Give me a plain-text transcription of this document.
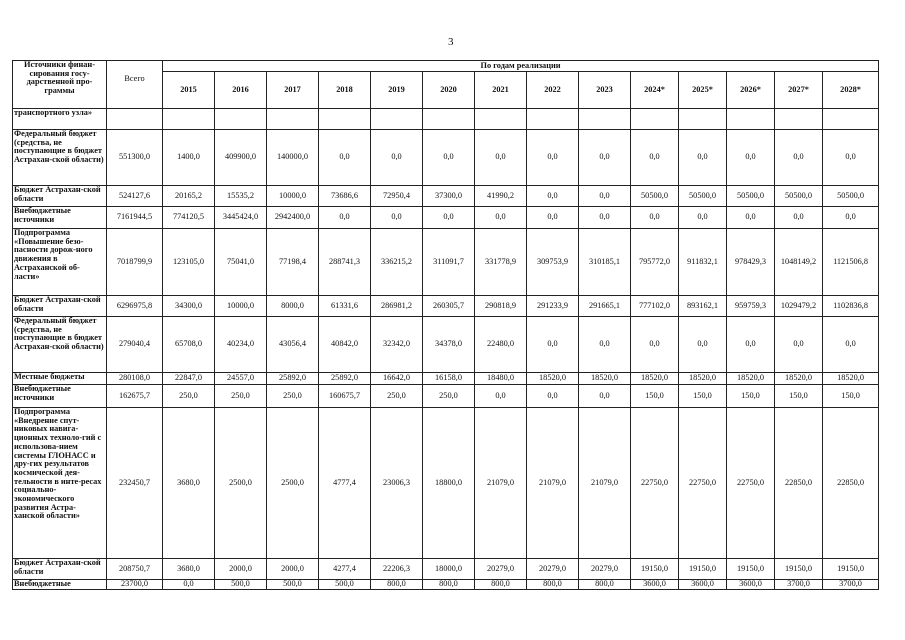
3
Источники финан-сирования госу-дарственной про-граммы	Всего	По годам реализации													
		2015	2016	2017	2018	2019	2020	2021	2022	2023	2024*	2025*	2026*	2027*	2028*
транспортного узла»															
Федеральный бюджет (средства, не поступающие в бюджет Астрахан-ской области)	551300,0	1400,0	409900,0	140000,0	0,0	0,0	0,0	0,0	0,0	0,0	0,0	0,0	0,0	0,0	0,0
Бюджет Астрахан-ской области	524127,6	20165,2	15535,2	10000,0	73686,6	72950,4	37300,0	41990,2	0,0	0,0	50500,0	50500,0	50500,0	50500,0	50500,0
Внебюджетные источники	7161944,5	774120,5	3445424,0	2942400,0	0,0	0,0	0,0	0,0	0,0	0,0	0,0	0,0	0,0	0,0	0,0
Подпрограмма «Повышение безо-пасности дорож-ного движения в Астраханской об-ласти»	7018799,9	123105,0	75041,0	77198,4	288741,3	336215,2	311091,7	331778,9	309753,9	310185,1	795772,0	911832,1	978429,3	1048149,2	1121506,8
Бюджет Астрахан-ской области	6296975,8	34300,0	10000,0	8000,0	61331,6	286981,2	260305,7	290818,9	291233,9	291665,1	777102,0	893162,1	959759,3	1029479,2	1102836,8
Федеральный бюджет (средства, не поступающие в бюджет Астрахан-ской области)	279040,4	65708,0	40234,0	43056,4	40842,0	32342,0	34378,0	22480,0	0,0	0,0	0,0	0,0	0,0	0,0	0,0
Местные бюджеты	280108,0	22847,0	24557,0	25892,0	25892,0	16642,0	16158,0	18480,0	18520,0	18520,0	18520,0	18520,0	18520,0	18520,0	18520,0
Внебюджетные источники	162675,7	250,0	250,0	250,0	160675,7	250,0	250,0	0,0	0,0	0,0	150,0	150,0	150,0	150,0	150,0
Подпрограмма «Внедрение спут-никовых навига-ционных техноло-гий с использова-нием системы ГЛОНАСС и дру-гих результатов космической дея-тельности в интe-ресах социально-экономического развития Астра-ханской области»	232450,7	3680,0	2500,0	2500,0	4777,4	23006,3	18800,0	21079,0	21079,0	21079,0	22750,0	22750,0	22750,0	22850,0	22850,0
Бюджет Астрахан-ской области	208750,7	3680,0	2000,0	2000,0	4277,4	22206,3	18000,0	20279,0	20279,0	20279,0	19150,0	19150,0	19150,0	19150,0	19150,0
Внебюджетные	23700,0	0,0	500,0	500,0	500,0	800,0	800,0	800,0	800,0	800,0	3600,0	3600,0	3600,0	3700,0	3700,0
